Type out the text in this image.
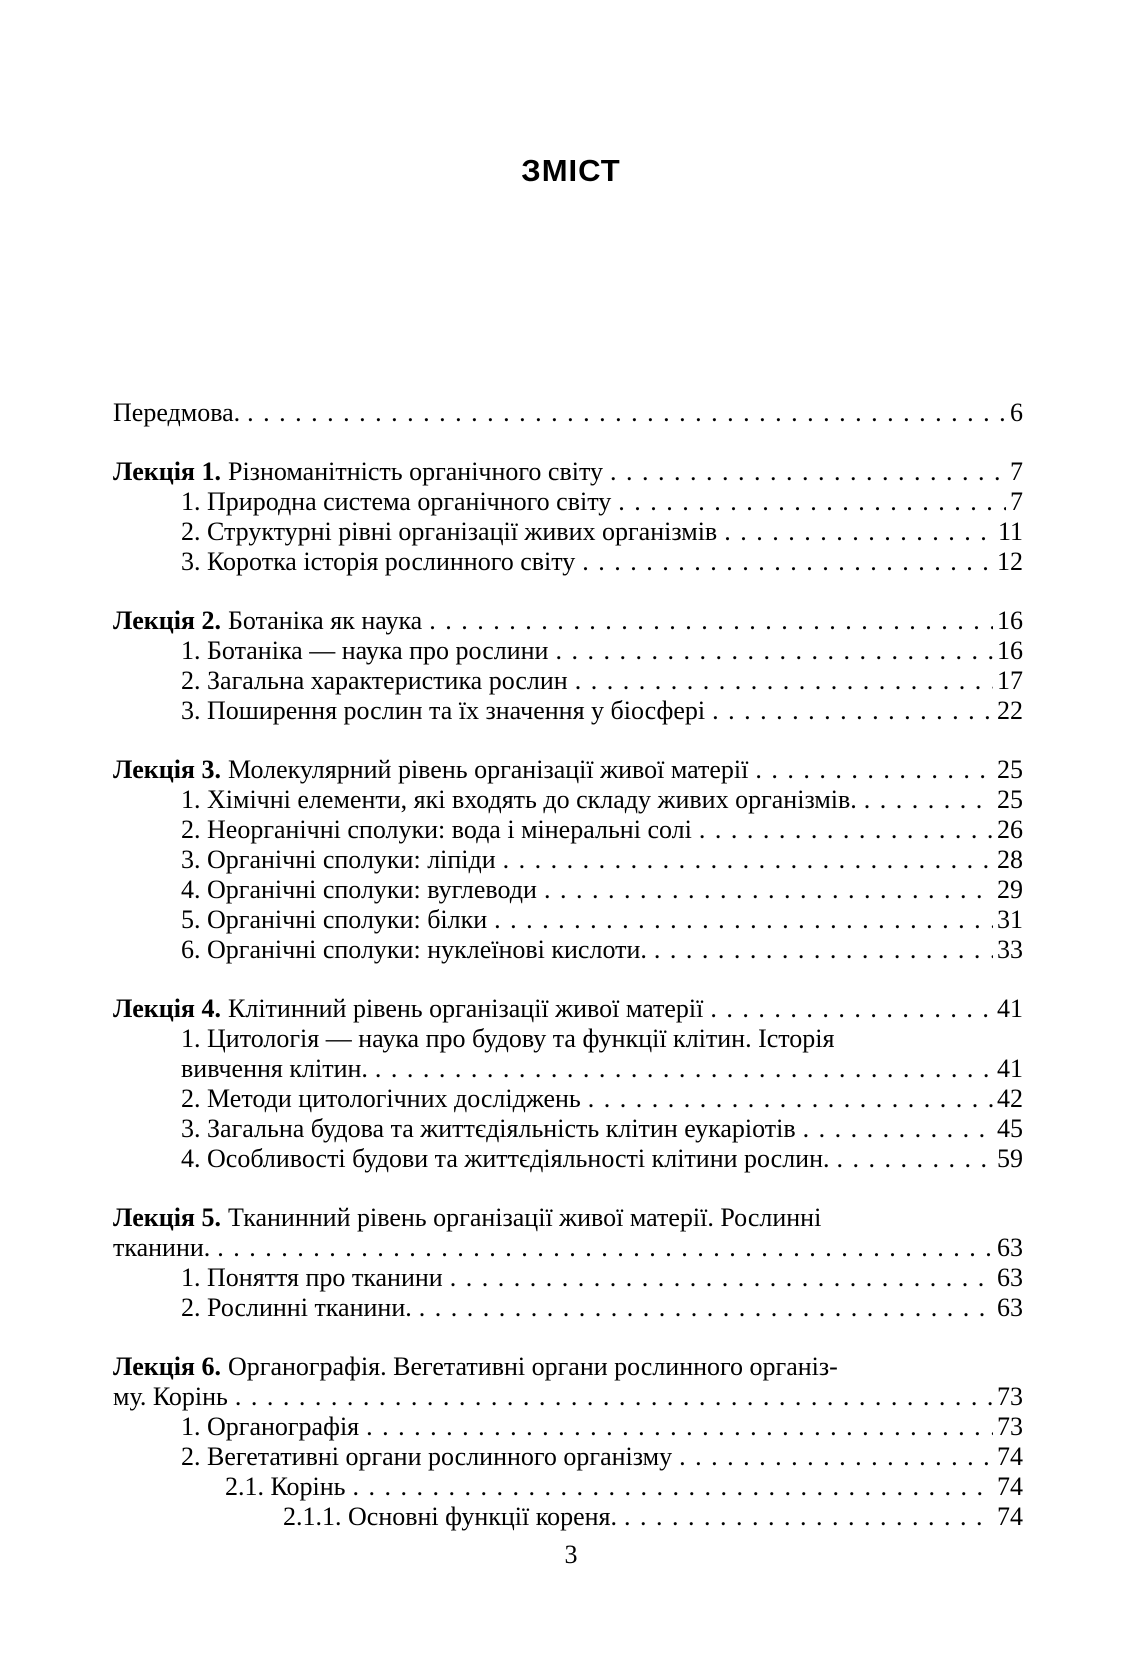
ЗМІСТ
Передмова. . . .	6
Лекція 1. Різноманітність органічного світу . . .	7
1. Природна система органічного світу . . .	7
2. Структурні рівні організації живих організмів . . .	11
3. Коротка історія рослинного світу . . .	12
Лекція 2. Ботаніка як наука . . .	16
1. Ботаніка — наука про рослини . . .	16
2. Загальна характеристика рослин . . .	17
3. Поширення рослин та їх значення у біосфері . . .	22
Лекція 3. Молекулярний рівень організації живої матерії . . .	25
1. Хімічні елементи, які входять до складу живих організмів. . . .	25
2. Неорганічні сполуки: вода і мінеральні солі . . .	26
3. Органічні сполуки: ліпіди . . .	28
4. Органічні сполуки: вуглеводи . . .	29
5. Органічні сполуки: білки . . .	31
6. Органічні сполуки: нуклеїнові кислоти. . . .	33
Лекція 4. Клітинний рівень організації живої матерії . . .	41
1. Цитологія — наука про будову та функції клітин. Історія
вивчення клітин. . . .	41
2. Методи цитологічних досліджень . . .	42
3. Загальна будова та життєдіяльність клітин еукаріотів . . .	45
4. Особливості будови та життєдіяльності клітини рослин. . . .	59
Лекція 5. Тканинний рівень організації живої матерії. Рослинні
тканини. . . .	63
1. Поняття про тканини . . .	63
2. Рослинні тканини. . . .	63
Лекція 6. Органографія. Вегетативні органи рослинного організ-
му. Корінь . . .	73
1. Органографія . . .	73
2. Вегетативні органи рослинного організму . . .	74
2.1. Корінь . . .	74
2.1.1. Основні функції кореня. . . .	74
3
